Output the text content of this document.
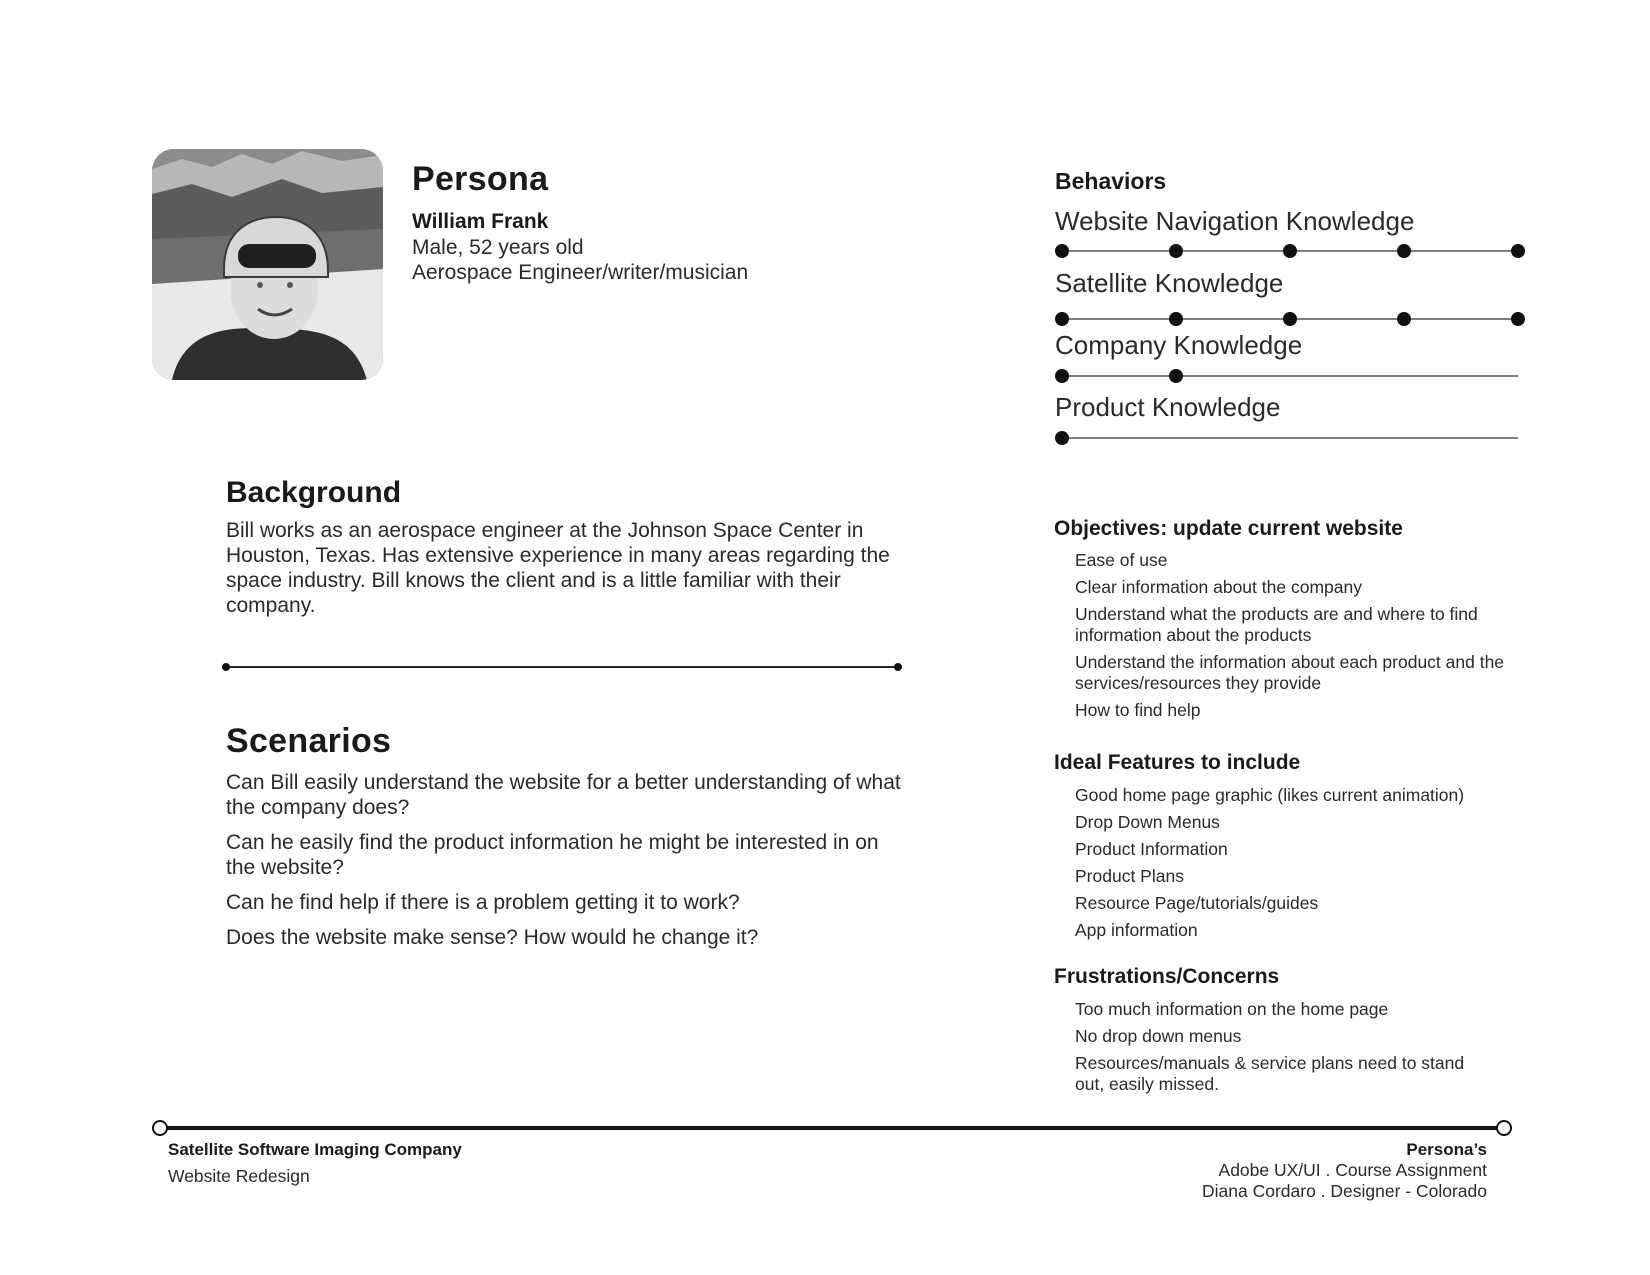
Persona
William Frank
Male, 52 years old
Aerospace Engineer/writer/musician
Background
Bill works as an aerospace engineer at the Johnson Space Center in Houston, Texas. Has extensive experience in many areas regarding the space industry. Bill knows the client and is a little familiar with their company.
Scenarios

Can Bill easily understand the website for a better understanding of what the company does?

Can he easily find the product information he might be interested in on the website?

Can he find help if there is a problem getting it to work?

Does the website make sense? How would he change it?

Behaviors
Website Navigation Knowledge
Satellite Knowledge
Company Knowledge
Product Knowledge
Objectives: update current website
Ease of use
Clear information about the company
Understand what the products are and where to find information about the products
Understand the information about each product and the services/resources they provide
How to find help
Ideal Features to include
Good home page graphic (likes current animation)
Drop Down Menus
Product Information
Product Plans
Resource Page/tutorials/guides
App information
Frustrations/Concerns
Too much information on the home page
No drop down menus
Resources/manuals & service plans need to stand out, easily missed.
Satellite Software Imaging Company
Website Redesign
Persona’s
Adobe UX/UI . Course Assignment
Diana Cordaro . Designer - Colorado
